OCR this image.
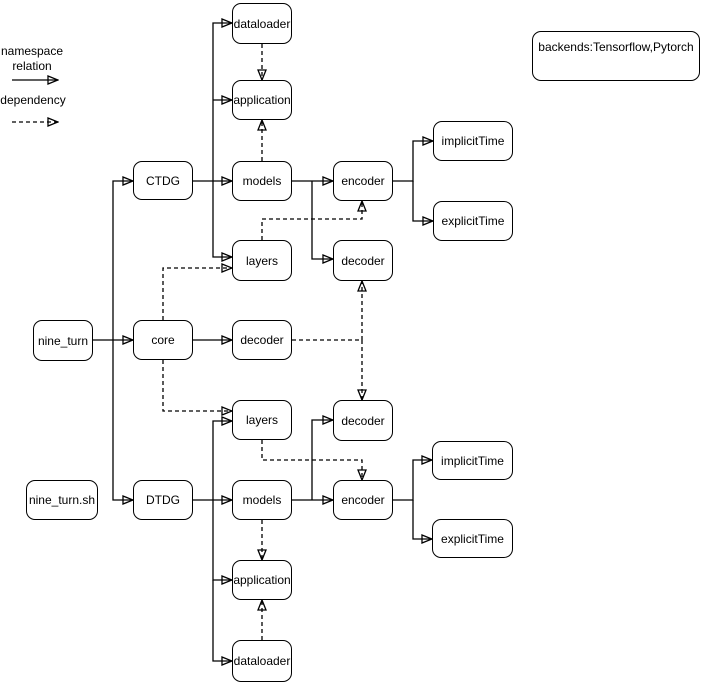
namespace
relation
dependency
dataloader
application
CTDG	models	encoder
implicitTime
explicitTime
layers	decoder
nine_turn	core	decoder
layers	decoder
nine_turn.sh	DTDG	models	encoder
implicitTime
explicitTime
application
dataloader
backends:Tensorflow,Pytorch
